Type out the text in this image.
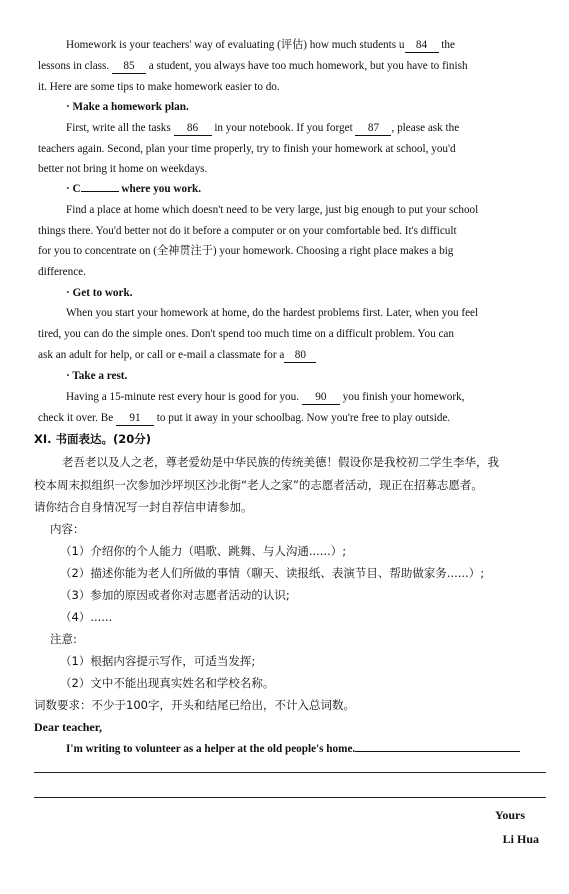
Homework is your teachers' way of evaluating (评估) how much students u 84 the
lessons in class. 85 a student, you always have too much homework, but you have to finish
it. Here are some tips to make homework easier to do.
· Make a homework plan.
First, write all the tasks 86 in your notebook. If you forget 87 , please ask the
teachers again. Second, plan your time properly, try to finish your homework at school, you'd
better not bring it home on weekdays.
· C	where you work.
Find a place at home which doesn't need to be very large, just big enough to put your school
things there. You'd better not do it before a computer or on your comfortable bed. It's difficult
for you to concentrate on (全神贯注于) your homework. Choosing a right place makes a big
difference.
· Get to work.
When you start your homework at home, do the hardest problems first. Later, when you feel
tired, you can do the simple ones. Don't spend too much time on a difficult problem. You can
ask an adult for help, or call or e-mail a classmate for a 80
· Take a rest.
Having a 15-minute rest every hour is good for you. 90 you finish your homework,
check it over. Be 91 to put it away in your schoolbag. Now you're free to play outside.
XI. 书面表达。(20分)
老吾老以及人之老，尊老爱幼是中华民族的传统美德！假设你是我校初二学生李华，我
校本周末拟组织一次参加沙坪坝区沙北街“老人之家”的志愿者活动，现正在招募志愿者。
请你结合自身情况写一封自荐信申请参加。
内容：
（1）介绍你的个人能力（唱歌、跳舞、与人沟通......）;
（2）描述你能为老人们所做的事情（聊天、读报纸、表演节目、帮助做家务......）;
（3）参加的原因或者你对志愿者活动的认识;
（4）......
注意:
（1）根据内容提示写作，可适当发挥;
（2）文中不能出现真实姓名和学校名称。
词数要求：不少于100字，开头和结尾已给出，不计入总词数。
Dear teacher,
I'm writing to volunteer as a helper at the old people's home.
Yours
Li Hua
